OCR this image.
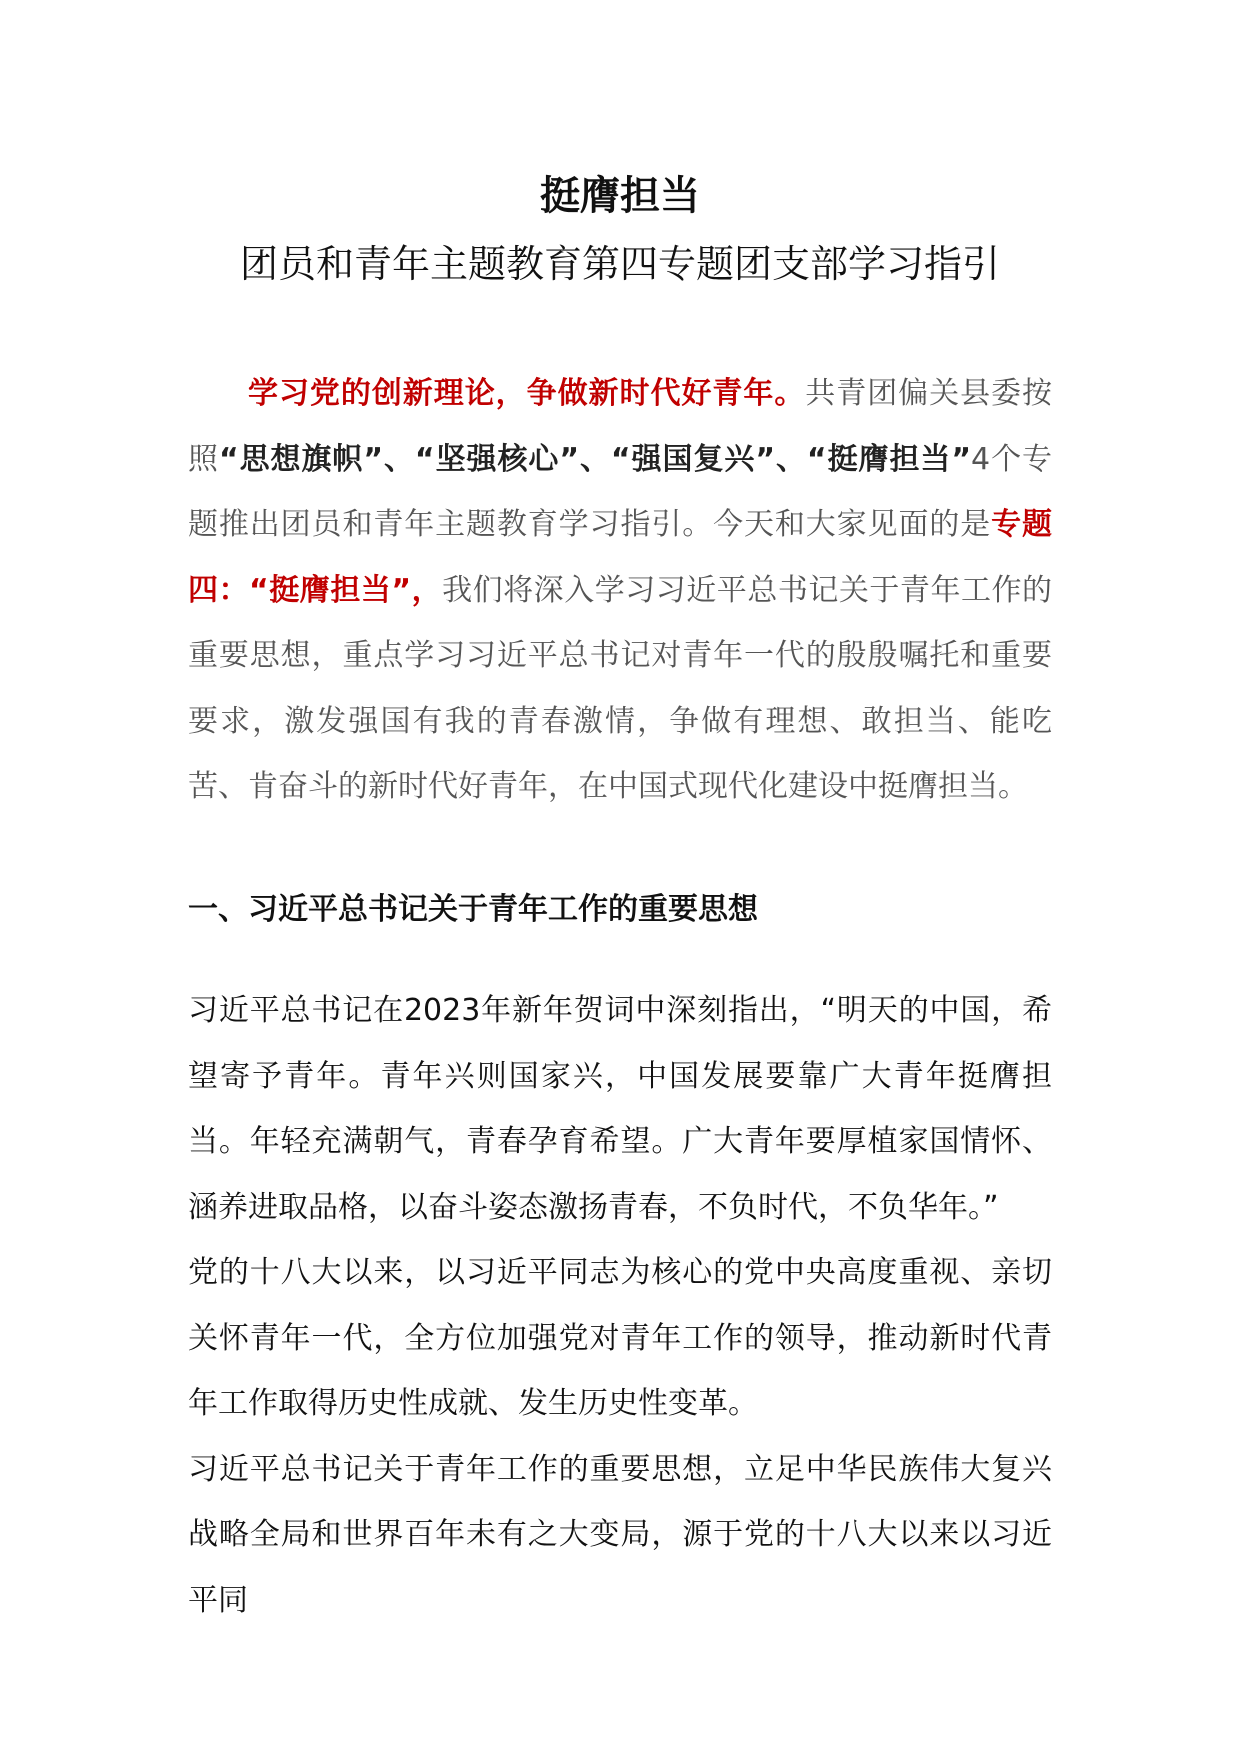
挺膺担当
团员和青年主题教育第四专题团支部学习指引
学习党的创新理论，争做新时代好青年。共青团偏关县委按照“思想旗帜”、“坚强核心”、“强国复兴”、“挺膺担当”4个专题推出团员和青年主题教育学习指引。今天和大家见面的是专题四：“挺膺担当”，我们将深入学习习近平总书记关于青年工作的重要思想，重点学习习近平总书记对青年一代的殷殷嘱托和重要要求，激发强国有我的青春激情，争做有理想、敢担当、能吃苦、肯奋斗的新时代好青年，在中国式现代化建设中挺膺担当。
一、习近平总书记关于青年工作的重要思想

习近平总书记在2023年新年贺词中深刻指出，“明天的中国，希望寄予青年。青年兴则国家兴，中国发展要靠广大青年挺膺担当。年轻充满朝气，青春孕育希望。广大青年要厚植家国情怀、涵养进取品格，以奋斗姿态激扬青春，不负时代，不负华年。”

党的十八大以来，以习近平同志为核心的党中央高度重视、亲切关怀青年一代，全方位加强党对青年工作的领导，推动新时代青年工作取得历史性成就、发生历史性变革。

习近平总书记关于青年工作的重要思想，立足中华民族伟大复兴战略全局和世界百年未有之大变局，源于党的十八大以来以习近平同
